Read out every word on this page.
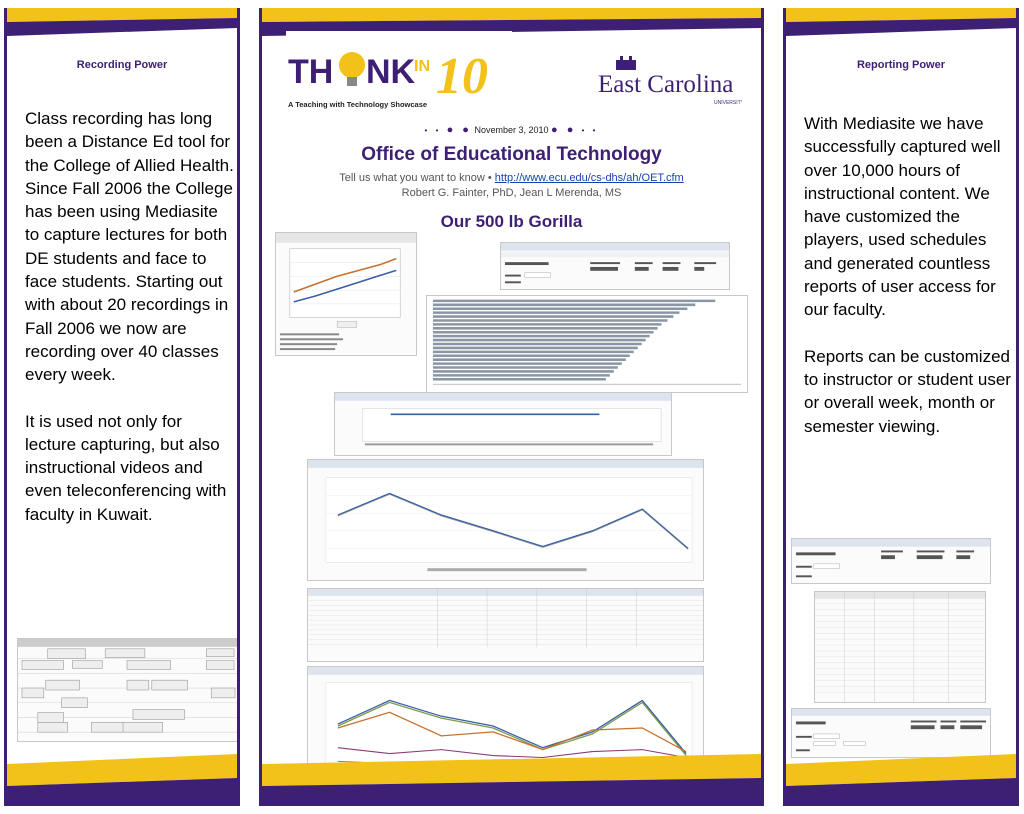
Recording Power

Class recording has long been a Distance Ed tool for the College of Allied Health. Since Fall 2006 the College has been using Mediasite to capture lectures for both DE students and face to face students. Starting out with about 20 recordings in Fall 2006 we now are recording over 40 classes every week.

It is used not only for lecture capturing, but also instructional videos and even teleconferencing with faculty in Kuwait.

TH NK
IN 10
A Teaching with Technology Showcase
East Carolina
UNIVERSITY
• • ● ● November 3, 2010 ● ● • •
Office of Educational Technology
Tell us what you want to know • http://www.ecu.edu/cs-dhs/ah/OET.cfm
Robert G. Fainter, PhD, Jean L Merenda, MS
Our 500 lb Gorilla
Reporting Power

With Mediasite we have successfully captured well over 10,000 hours of instructional content. We have customized the players, used schedules and generated countless reports of user access for our faculty.

Reports can be customized to instructor or student user or overall week, month or semester viewing.
